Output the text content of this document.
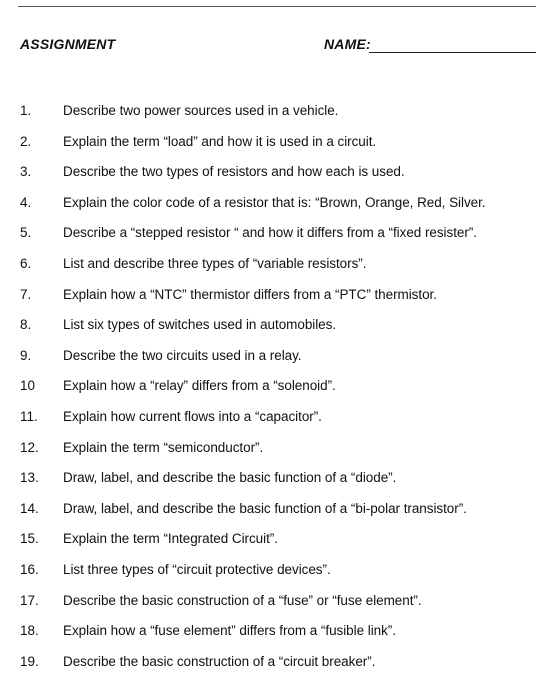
ASSIGNMENT	NAME:
1. Describe two power sources used in a vehicle.
2. Explain the term “load” and how it is used in a circuit.
3. Describe the two types of resistors and how each is used.
4. Explain the color code of a resistor that is: “Brown, Orange, Red, Silver.
5. Describe a “stepped resistor “ and how it differs from a “fixed resister”.
6. List and describe three types of “variable resistors”.
7. Explain how a “NTC” thermistor differs from a “PTC” thermistor.
8. List six types of switches used in automobiles.
9. Describe the two circuits used in a relay.
10 Explain how a “relay” differs from a “solenoid”.
11. Explain how current flows into a “capacitor”.
12. Explain the term “semiconductor”.
13. Draw, label, and describe the basic function of a “diode”.
14. Draw, label, and describe the basic function of a “bi-polar transistor”.
15. Explain the term “Integrated Circuit”.
16. List three types of “circuit protective devices”.
17. Describe the basic construction of a “fuse” or “fuse element”.
18. Explain how a “fuse element” differs from a “fusible link”.
19. Describe the basic construction of a “circuit breaker”.
